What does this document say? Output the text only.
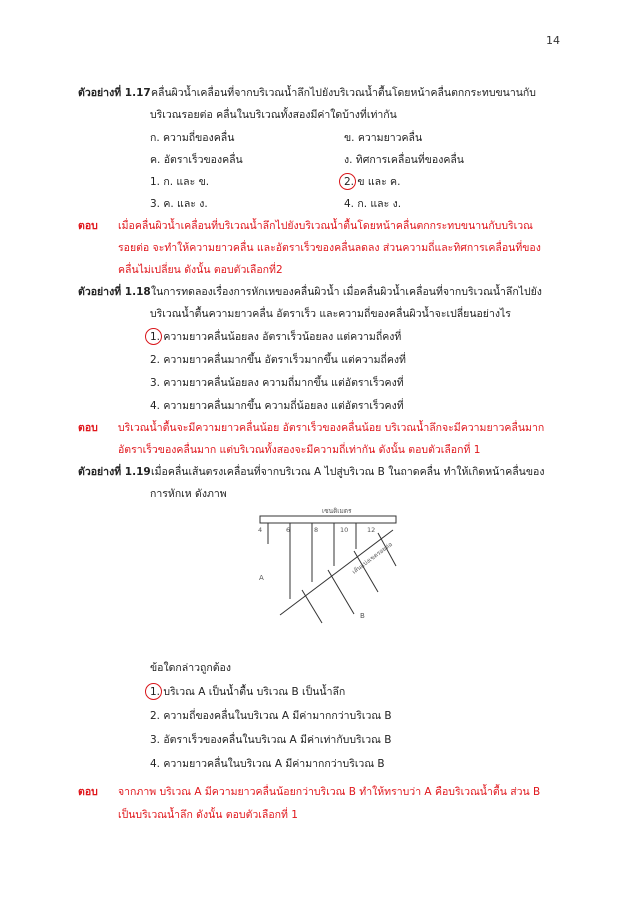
14
ตัวอย่างที่ 1.17 คลื่นผิวน้ำเคลื่อนที่จากบริเวณน้ำลึกไปยังบริเวณน้ำตื้นโดยหน้าคลื่นตกกระทบขนานกับ
บริเวณรอยต่อ คลื่นในบริเวณทั้งสองมีค่าใดบ้างที่เท่ากัน
ก. ความถี่ของคลื่น	ข. ความยาวคลื่น
ค. อัตราเร็วของคลื่น	ง. ทิศการเคลื่อนที่ของคลื่น
1. ก. และ ข.	2. ข และ ค.
3. ค. และ ง.	4. ก. และ ง.
ตอบ เมื่อคลื่นผิวน้ำเคลื่อนที่บริเวณน้ำลึกไปยังบริเวณน้ำตื้นโดยหน้าคลื่นตกกระทบขนานกับบริเวณ
รอยต่อ จะทำให้ความยาวคลื่น และอัตราเร็วของคลื่นลดลง ส่วนความถี่และทิศการเคลื่อนที่ของ
คลื่นไม่เปลี่ยน ดังนั้น ตอบตัวเลือกที่2
ตัวอย่างที่ 1.18 ในการทดลองเรื่องการหักเหของคลื่นผิวน้ำ เมื่อคลื่นผิวน้ำเคลื่อนที่จากบริเวณน้ำลึกไปยัง
บริเวณน้ำตื้นความยาวคลื่น อัตราเร็ว และความถี่ของคลื่นผิวน้ำจะเปลี่ยนอย่างไร
1. ความยาวคลื่นน้อยลง อัตราเร็วน้อยลง แต่ความถี่คงที่
2. ความยาวคลื่นมากขึ้น อัตราเร็วมากขึ้น แต่ความถี่คงที่
3. ความยาวคลื่นน้อยลง ความถี่มากขึ้น แต่อัตราเร็วคงที่
4. ความยาวคลื่นมากขึ้น ความถี่น้อยลง แต่อัตราเร็วคงที่
ตอบ บริเวณน้ำตื้นจะมีความยาวคลื่นน้อย อัตราเร็วของคลื่นน้อย บริเวณน้ำลึกจะมีความยาวคลื่นมาก
อัตราเร็วของคลื่นมาก แต่บริเวณทั้งสองจะมีความถี่เท่ากัน ดังนั้น ตอบตัวเลือกที่ 1
ตัวอย่างที่ 1.19 เมื่อคลื่นเส้นตรงเคลื่อนที่จากบริเวณ A ไปสู่บริเวณ B ในถาดคลื่น ทำให้เกิดหน้าคลื่นของ
การหักเห ดังภาพ
เซนติเมตร
4	6	8	10	12
เส้นแบ่งเขตรอยต่อ
A
B
ข้อใดกล่าวถูกต้อง
1. บริเวณ A เป็นน้ำตื้น บริเวณ B เป็นน้ำลึก
2. ความถี่ของคลื่นในบริเวณ A มีค่ามากกว่าบริเวณ B
3. อัตราเร็วของคลื่นในบริเวณ A มีค่าเท่ากับบริเวณ B
4. ความยาวคลื่นในบริเวณ A มีค่ามากกว่าบริเวณ B
ตอบ จากภาพ บริเวณ A มีความยาวคลื่นน้อยกว่าบริเวณ B ทำให้ทราบว่า A คือบริเวณน้ำตื้น ส่วน B
เป็นบริเวณน้ำลึก ดังนั้น ตอบตัวเลือกที่ 1
